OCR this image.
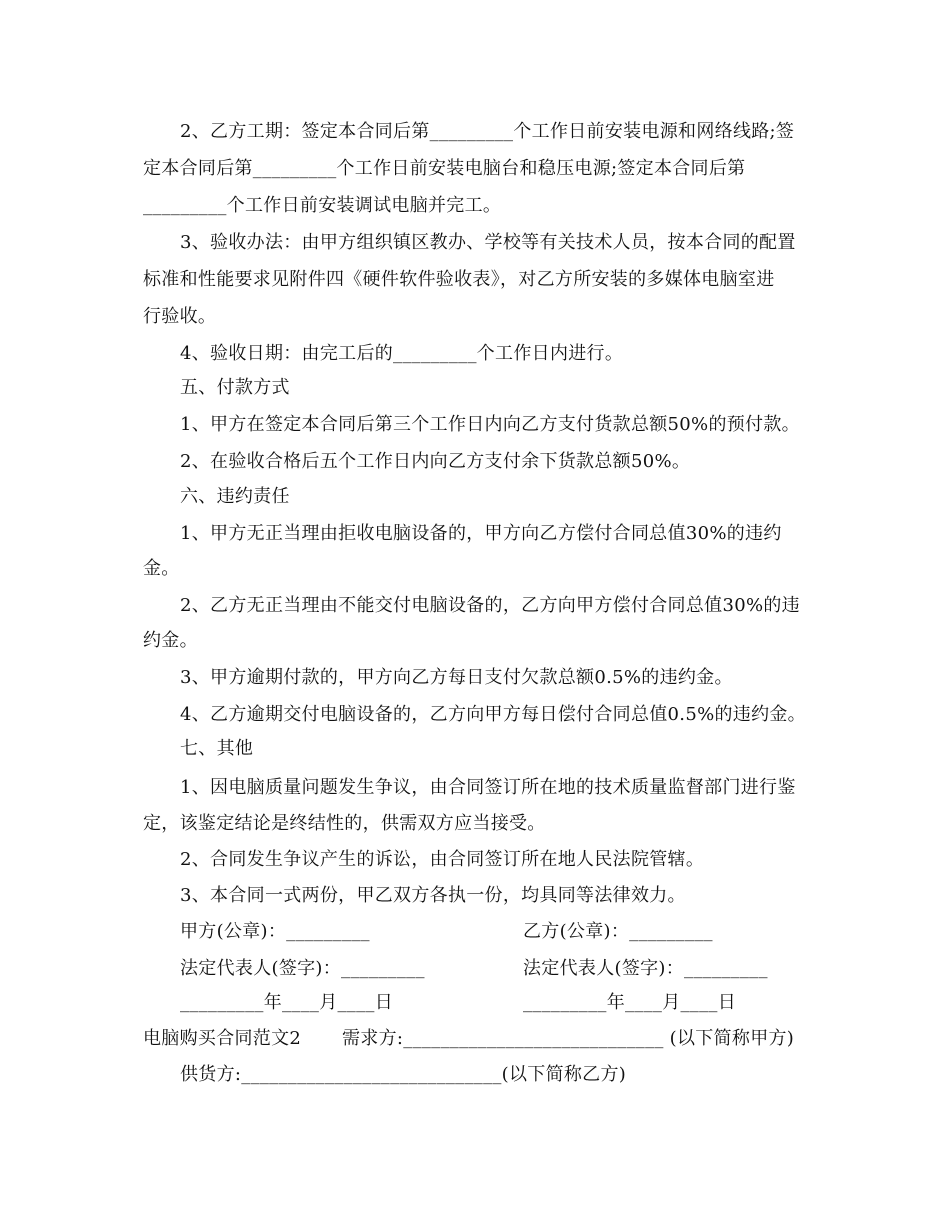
2、乙方工期：签定本合同后第_________个工作日前安装电源和网络线路;签
定本合同后第_________个工作日前安装电脑台和稳压电源;签定本合同后第
_________个工作日前安装调试电脑并完工。
3、验收办法：由甲方组织镇区教办、学校等有关技术人员，按本合同的配置
标准和性能要求见附件四《硬件软件验收表》，对乙方所安装的多媒体电脑室进
行验收。
4、验收日期：由完工后的_________个工作日内进行。
五、付款方式
1、甲方在签定本合同后第三个工作日内向乙方支付货款总额50%的预付款。
2、在验收合格后五个工作日内向乙方支付余下货款总额50%。
六、违约责任
1、甲方无正当理由拒收电脑设备的，甲方向乙方偿付合同总值30%的违约
金。
2、乙方无正当理由不能交付电脑设备的，乙方向甲方偿付合同总值30%的违
约金。
3、甲方逾期付款的，甲方向乙方每日支付欠款总额0.5%的违约金。
4、乙方逾期交付电脑设备的，乙方向甲方每日偿付合同总值0.5%的违约金。
七、其他
1、因电脑质量问题发生争议，由合同签订所在地的技术质量监督部门进行鉴
定，该鉴定结论是终结性的，供需双方应当接受。
2、合同发生争议产生的诉讼，由合同签订所在地人民法院管辖。
3、本合同一式两份，甲乙双方各执一份，均具同等法律效力。
甲方(公章)：_________	乙方(公章)：_________
法定代表人(签字)：_________	法定代表人(签字)：_________
_________年____月____日	_________年____月____日
电脑购买合同范文2 需求方:____________________________ (以下简称甲方)
供货方:____________________________(以下简称乙方)
